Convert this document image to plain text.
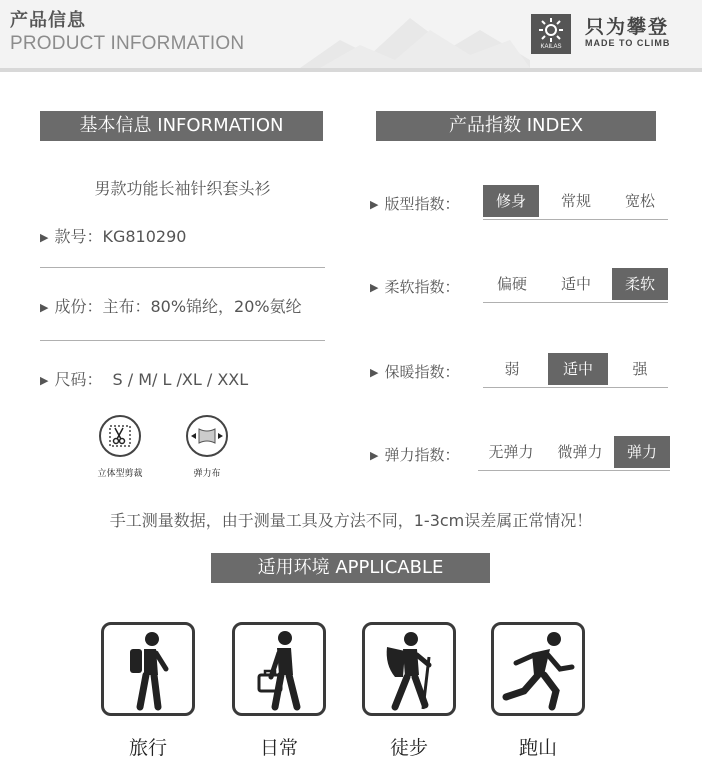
产品信息
PRODUCT INFORMATION	KAILAS
只为攀登
MADE TO CLIMB
基本信息 INFORMATION
男款功能长袖针织套头衫
▶ 款号：KG810290
▶ 成份：主布：80%锦纶，20%氨纶
▶ 尺码： S / M/ L /XL / XXL
立体型剪裁	弹力布
产品指数 INDEX
▶ 版型指数：	修身	常规	宽松
▶ 柔软指数：	偏硬	适中	柔软
▶ 保暖指数：	弱	适中	强
▶ 弹力指数：	无弹力	微弹力	弹力
手工测量数据，由于测量工具及方法不同，1-3cm误差属正常情况！
适用环境 APPLICABLE
旅行	日常	徒步	跑山
